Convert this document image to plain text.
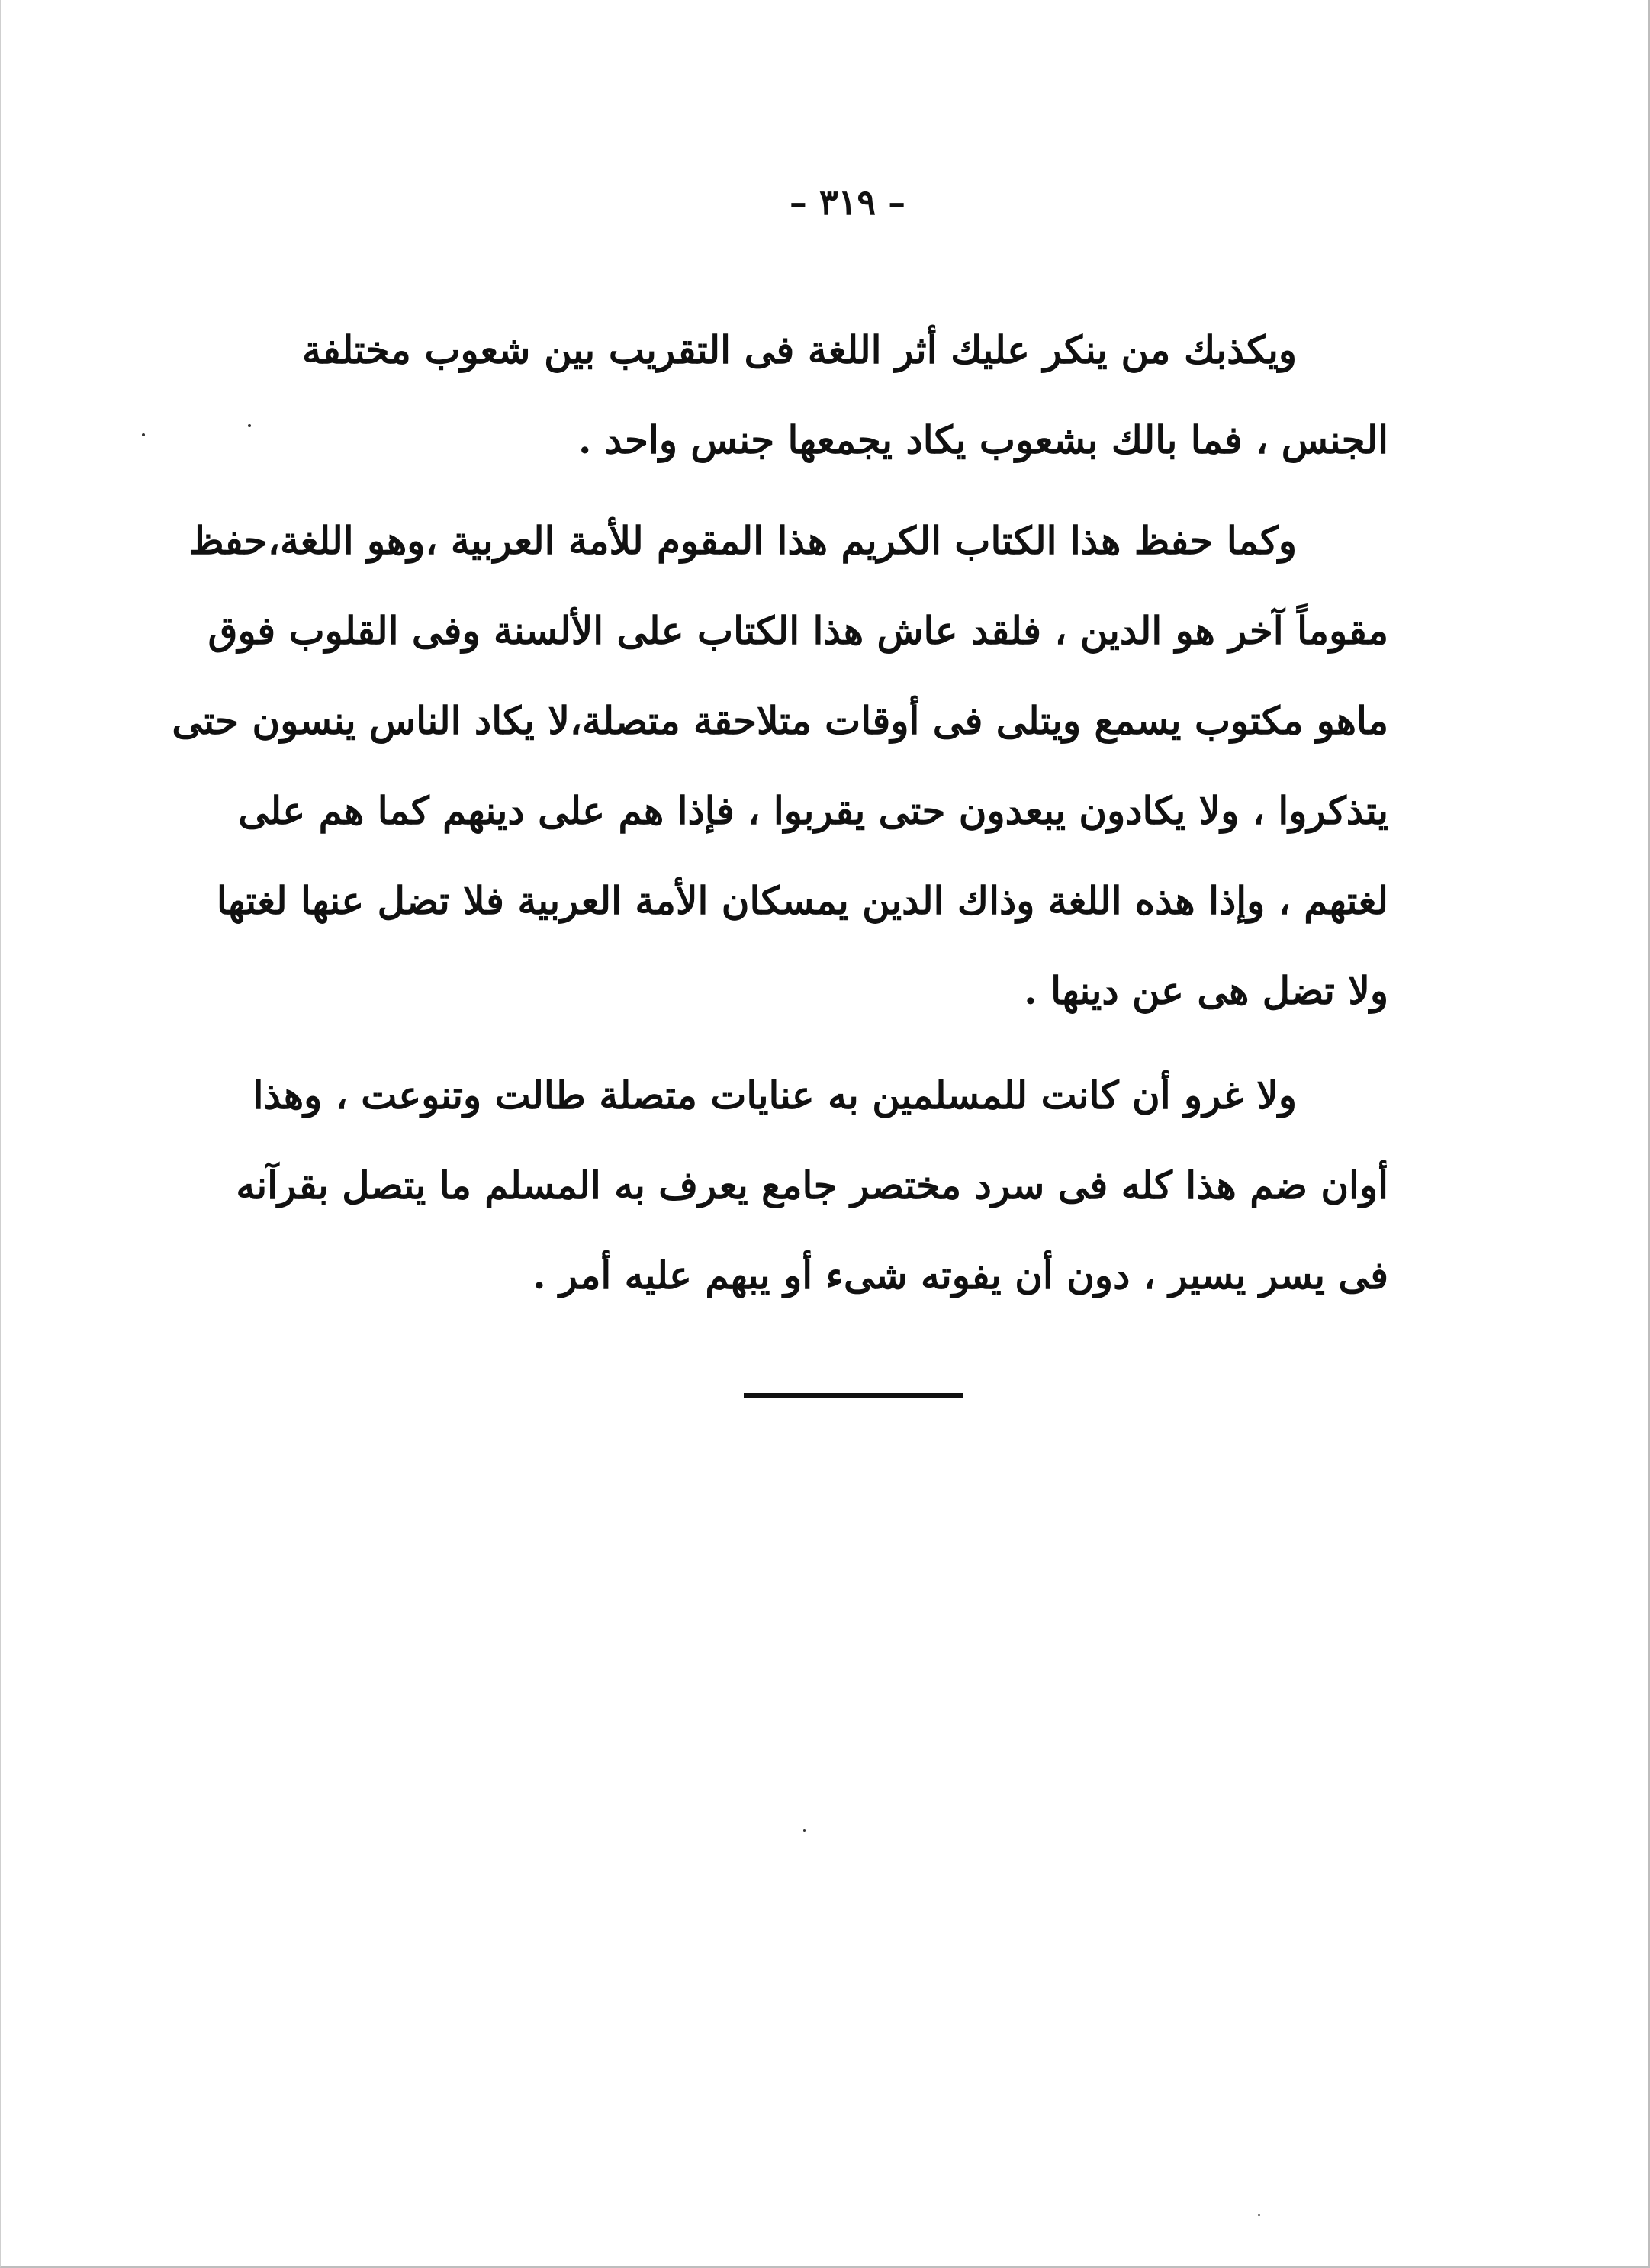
– ٣١٩ –
ويكذبك من ينكر عليك أثر اللغة فى التقريب بين شعوب مختلفة
الجنس ، فما بالك بشعوب يكاد يجمعها جنس واحد .
وكما حفظ هذا الكتاب الكريم هذا المقوم للأمة العربية ،وهو اللغة،حفظ
مقوماً آخر هو الدين ، فلقد عاش هذا الكتاب على الألسنة وفى القلوب فوق
ماهو مكتوب يسمع ويتلى فى أوقات متلاحقة متصلة،لا يكاد الناس ينسون حتى
يتذكروا ، ولا يكادون يبعدون حتى يقربوا ، فإذا هم على دينهم كما هم على
لغتهم ، وإذا هذه اللغة وذاك الدين يمسكان الأمة العربية فلا تضل عنها لغتها
ولا تضل هى عن دينها .
ولا غرو أن كانت للمسلمين به عنايات متصلة طالت وتنوعت ، وهذا
أوان ضم هذا كله فى سرد مختصر جامع يعرف به المسلم ما يتصل بقرآنه
فى يسر يسير ، دون أن يفوته شىء أو يبهم عليه أمر .
